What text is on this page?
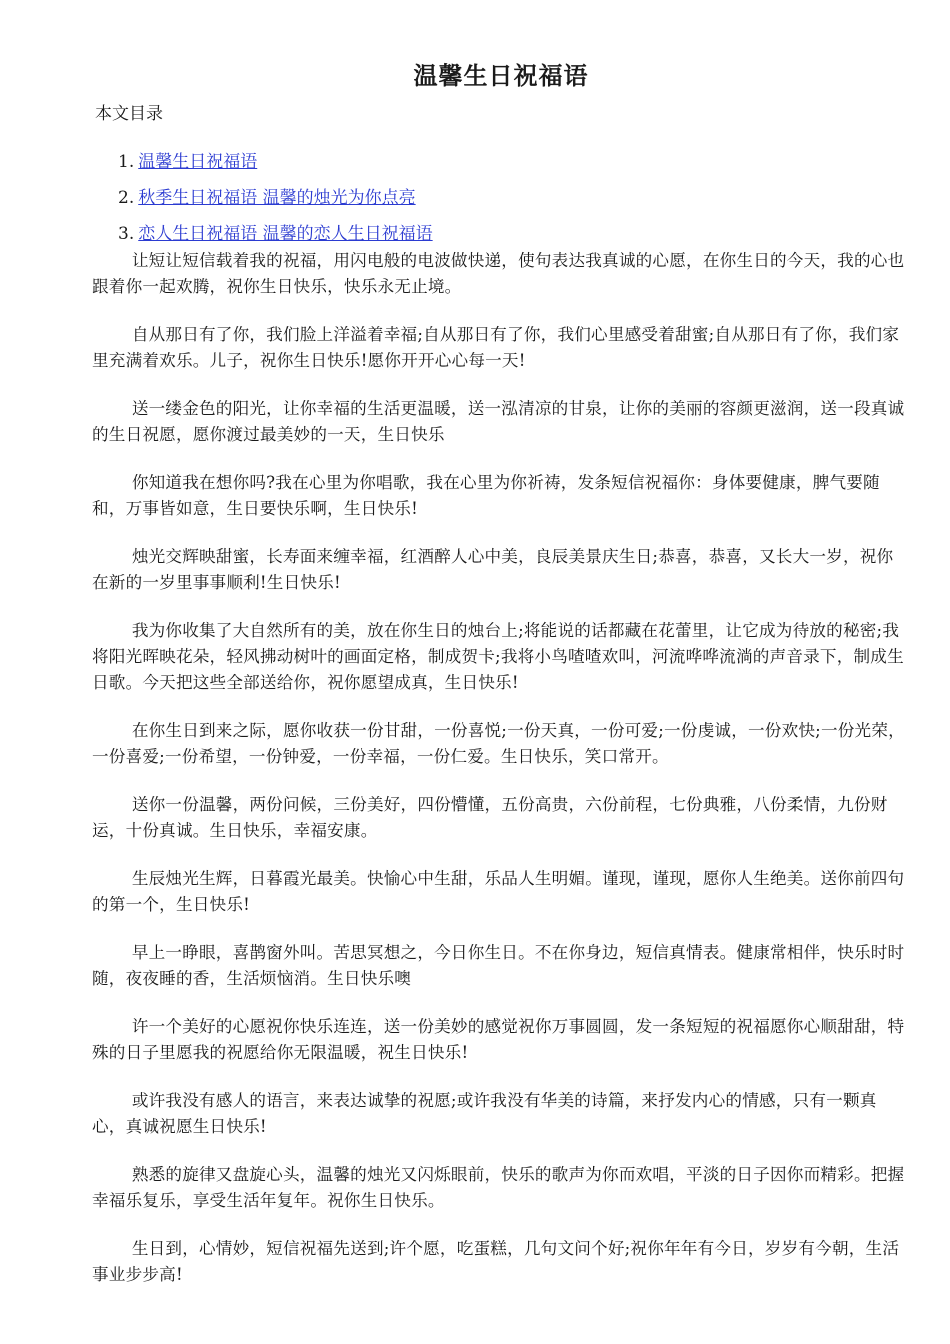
温馨生日祝福语
本文目录
1. 温馨生日祝福语
2. 秋季生日祝福语 温馨的烛光为你点亮
3. 恋人生日祝福语 温馨的恋人生日祝福语

让短让短信载着我的祝福，用闪电般的电波做快递，使句表达我真诚的心愿，在你生日的今天，我的心也跟着你一起欢腾，祝你生日快乐，快乐永无止境。

自从那日有了你，我们脸上洋溢着幸福;自从那日有了你，我们心里感受着甜蜜;自从那日有了你，我们家里充满着欢乐。儿子，祝你生日快乐!愿你开开心心每一天!

送一缕金色的阳光，让你幸福的生活更温暖，送一泓清凉的甘泉，让你的美丽的容颜更滋润，送一段真诚的生日祝愿，愿你渡过最美妙的一天，生日快乐

你知道我在想你吗?我在心里为你唱歌，我在心里为你祈祷，发条短信祝福你：身体要健康，脾气要随和，万事皆如意，生日要快乐啊，生日快乐!

烛光交辉映甜蜜，长寿面来缠幸福，红酒醉人心中美，良辰美景庆生日;恭喜，恭喜，又长大一岁，祝你在新的一岁里事事顺利!生日快乐!

我为你收集了大自然所有的美，放在你生日的烛台上;将能说的话都藏在花蕾里，让它成为待放的秘密;我将阳光晖映花朵，轻风拂动树叶的画面定格，制成贺卡;我将小鸟喳喳欢叫，河流哗哗流淌的声音录下，制成生日歌。今天把这些全部送给你，祝你愿望成真，生日快乐!

在你生日到来之际，愿你收获一份甘甜，一份喜悦;一份天真，一份可爱;一份虔诚，一份欢快;一份光荣，一份喜爱;一份希望，一份钟爱，一份幸福，一份仁爱。生日快乐，笑口常开。

送你一份温馨，两份问候，三份美好，四份懵懂，五份高贵，六份前程，七份典雅，八份柔情，九份财运，十份真诚。生日快乐，幸福安康。

生辰烛光生辉，日暮霞光最美。快愉心中生甜，乐品人生明媚。谨现，谨现，愿你人生绝美。送你前四句的第一个，生日快乐!

早上一睁眼，喜鹊窗外叫。苦思冥想之，今日你生日。不在你身边，短信真情表。健康常相伴，快乐时时随，夜夜睡的香，生活烦恼消。生日快乐噢

许一个美好的心愿祝你快乐连连，送一份美妙的感觉祝你万事圆圆，发一条短短的祝福愿你心顺甜甜，特殊的日子里愿我的祝愿给你无限温暖，祝生日快乐!

或许我没有感人的语言，来表达诚挚的祝愿;或许我没有华美的诗篇，来抒发内心的情感，只有一颗真心，真诚祝愿生日快乐!

熟悉的旋律又盘旋心头，温馨的烛光又闪烁眼前，快乐的歌声为你而欢唱，平淡的日子因你而精彩。把握幸福乐复乐，享受生活年复年。祝你生日快乐。

生日到，心情妙，短信祝福先送到;许个愿，吃蛋糕，几句文问个好;祝你年年有今日，岁岁有今朝，生活事业步步高!
